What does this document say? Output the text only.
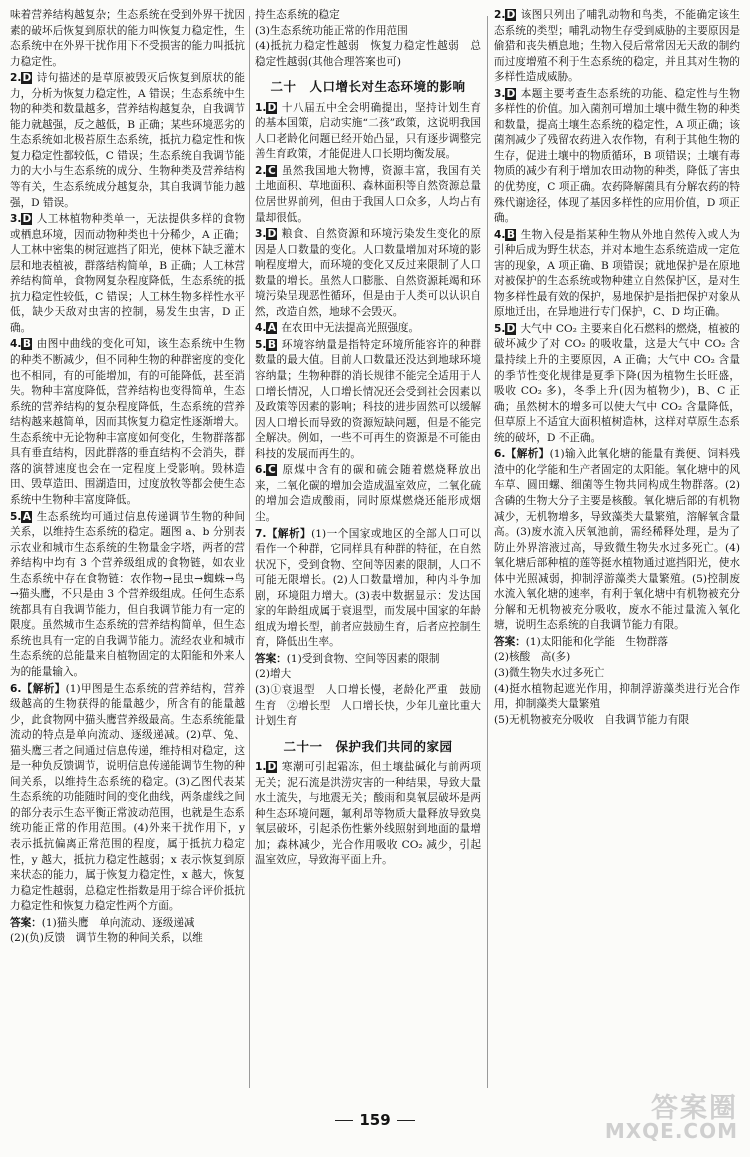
味着营养结构越复杂；生态系统在受到外界干扰因素的破坏后恢复到原状的能力叫恢复力稳定性，生态系统中在外界干扰作用下不受损害的能力叫抵抗力稳定性。

2.D 诗句描述的是草原被毁灭后恢复到原状的能力，分析为恢复力稳定性，A 错误；生态系统中生物的种类和数量越多，营养结构越复杂，自我调节能力就越强，反之越低，B 正确；某些环境恶劣的生态系统如北极苔原生态系统，抵抗力稳定性和恢复力稳定性都较低，C 错误；生态系统自我调节能力的大小与生态系统的成分、生物种类及营养结构等有关，生态系统成分越复杂，其自我调节能力越强，D 错误。

3.D 人工林植物种类单一，无法提供多样的食物或栖息环境，因而动物种类也十分稀少，A 正确；人工林中密集的树冠遮挡了阳光，使林下缺乏灌木层和地表植被，群落结构简单，B 正确；人工林营养结构简单，食物网复杂程度降低，生态系统的抵抗力稳定性较低，C 错误；人工林生物多样性水平低，缺少天敌对虫害的控制，易发生虫害，D 正确。

4.B 由图中曲线的变化可知，该生态系统中生物的种类不断减少，但不同种生物的种群密度的变化也不相同，有的可能增加，有的可能降低，甚至消失。物种丰富度降低，营养结构也变得简单，生态系统的营养结构的复杂程度降低，生态系统的营养结构越来越简单，因而其恢复力稳定性逐渐增大。生态系统中无论物种丰富度如何变化，生物群落都具有垂直结构，因此群落的垂直结构不会消失，群落的演替速度也会在一定程度上受影响。毁林造田、毁草造田、围湖造田，过度放牧等都会使生态系统中生物种丰富度降低。

5.A 生态系统均可通过信息传递调节生物的种间关系，以维持生态系统的稳定。题图 a、b 分别表示农业和城市生态系统的生物量金字塔，两者的营养结构中均有 3 个营养级组成的食物链，如农业生态系统中存在食物链：农作物→昆虫→蜘蛛→鸟→猫头鹰，不只是由 3 个营养级组成。任何生态系统都具有自我调节能力，但自我调节能力有一定的限度。虽然城市生态系统的营养结构简单，但生态系统也具有一定的自我调节能力。流经农业和城市生态系统的总能量来自植物固定的太阳能和外来人为的能量输入。

6.【解析】(1)甲图是生态系统的营养结构，营养级越高的生物获得的能量越少，所含有的能量越少，此食物网中猫头鹰营养级最高。生态系统能量流动的特点是单向流动、逐级递减。(2)草、兔、猫头鹰三者之间通过信息传递，维持相对稳定，这是一种负反馈调节，说明信息传递能调节生物的种间关系，以维持生态系统的稳定。(3)乙图代表某生态系统的功能随时间的变化曲线，两条虚线之间的部分表示生态平衡正常波动范围，也就是生态系统功能正常的作用范围。(4)外来干扰作用下，y 表示抵抗偏离正常范围的程度，属于抵抗力稳定性，y 越大，抵抗力稳定性越弱；x 表示恢复到原来状态的能力，属于恢复力稳定性，x 越大，恢复力稳定性越弱，总稳定性指数是用于综合评价抵抗力稳定性和恢复力稳定性两个方面。

答案：(1)猫头鹰　单向流动、逐级递减

(2)(负)反馈　调节生物的种间关系，以维

持生态系统的稳定

(3)生态系统功能正常的作用范围

(4)抵抗力稳定性越弱　恢复力稳定性越弱　总稳定性越弱(其他合理答案也可)

二十　人口增长对生态环境的影响

1.D 十八届五中全会明确提出，坚持计划生育的基本国策，启动实施“二孩”政策，这说明我国人口老龄化问题已经开始凸显，只有逐步调整完善生育政策，才能促进人口长期均衡发展。

2. C 虽然我国地大物博，资源丰富，我国有关土地面积、草地面积、森林面积等自然资源总量位居世界前列，但由于我国人口众多，人均占有量却很低。

3.D 粮食、自然资源和环境污染发生变化的原因是人口数量的变化。人口数量增加对环境的影响程度增大，而环境的变化又反过来限制了人口数量的增长。虽然人口膨胀、自然资源耗竭和环境污染呈现恶性循环，但是由于人类可以认识自然，改造自然，地球不会毁灭。

4.A 在农田中无法提高光照强度。

5.B 环境容纳量是指特定环境所能容许的种群数量的最大值。目前人口数量还没达到地球环境容纳量；生物种群的消长规律不能完全适用于人口增长情况，人口增长情况还会受到社会因素以及政策等因素的影响；科技的进步固然可以缓解因人口增长而导致的资源短缺问题，但是不能完全解决。例如，一些不可再生的资源是不可能由科技的发展而再生的。

6. C 原煤中含有的碳和硫会随着燃烧释放出来，二氧化碳的增加会造成温室效应，二氧化硫的增加会造成酸雨，同时原煤燃烧还能形成烟尘。

7.【解析】(1)一个国家或地区的全部人口可以看作一个种群，它同样具有种群的特征，在自然状况下，受到食物、空间等因素的限制，人口不可能无限增长。(2)人口数量增加，种内斗争加剧，环境阻力增大。(3)表中数据显示：发达国家的年龄组成属于衰退型，而发展中国家的年龄组成为增长型，前者应鼓励生育，后者应控制生育，降低出生率。

答案：(1)受到食物、空间等因素的限制

(2)增大

(3)①衰退型　人口增长慢，老龄化严重　鼓励生育　②增长型　人口增长快，少年儿童比重大　计划生育

二十一　保护我们共同的家园

1.D 寒潮可引起霜冻，但土壤盐碱化与前两项无关；泥石流是洪涝灾害的一种结果，导致大量水土流失，与地震无关；酸雨和臭氧层破坏是两种生态环境问题，氟利昂等物质大量释放导致臭氧层破坏，引起杀伤性紫外线照射到地面的量增加；森林减少，光合作用吸收 CO₂ 减少，引起温室效应，导致海平面上升。

2.D 该图只列出了哺乳动物和鸟类，不能确定该生态系统的类型；哺乳动物生存受到威胁的主要原因是偷猎和丧失栖息地；生物入侵后常常因无天敌的制约而过度增殖不利于生态系统的稳定，并且其对生物的多样性造成威胁。

3.D 本题主要考查生态系统的功能、稳定性与生物多样性的价值。加入菌剂可增加土壤中微生物的种类和数量，提高土壤生态系统的稳定性，A 项正确；该菌剂减少了残留农药进入农作物，有利于其他生物的生存，促进土壤中的物质循环，B 项错误；土壤有毒物质的减少有利于增加农田动物的种类，降低了害虫的优势度，C 项正确。农药降解菌具有分解农药的特殊代谢途径，体现了基因多样性的应用价值，D 项正确。

4.B 生物入侵是指某种生物从外地自然传入或人为引种后成为野生状态，并对本地生态系统造成一定危害的现象，A 项正确、B 项错误；就地保护是在原地对被保护的生态系统或物种建立自然保护区，是对生物多样性最有效的保护，易地保护是指把保护对象从原地迁出，在异地进行专门保护，C、D 均正确。

5.D 大气中 CO₂ 主要来自化石燃料的燃烧，植被的破坏减少了对 CO₂ 的吸收量，这是大气中 CO₂ 含量持续上升的主要原因，A 正确；大气中 CO₂ 含量的季节性变化规律是夏季下降(因为植物生长旺盛，吸收 CO₂ 多)，冬季上升(因为植物少)，B、C 正确；虽然树木的增多可以使大气中 CO₂ 含量降低，但草原上不适宜大面积植树造林，这样对草原生态系统的破坏，D 不正确。

6.【解析】(1)输入此氧化塘的能量有粪便、饲料残渣中的化学能和生产者固定的太阳能。氧化塘中的风车草、圆田螺、细菌等生物共同构成生物群落。(2)含磷的生物大分子主要是核酸。氧化塘后部的有机物减少，无机物增多，导致藻类大量繁殖，溶解氧含量高。(3)废水流入厌氧池前，需经稀释处理，是为了防止外界溶液过高，导致微生物失水过多死亡。(4)氧化塘后部种植的莲等挺水植物通过遮挡阳光，使水体中光照减弱，抑制浮游藻类大量繁殖。(5)控制废水流入氧化塘的速率，有利于氧化塘中有机物被充分分解和无机物被充分吸收，废水不能过量流入氧化塘，说明生态系统的自我调节能力有限。

答案：(1)太阳能和化学能　生物群落

(2)核酸　高(多)

(3)微生物失水过多死亡

(4)挺水植物起遮光作用，抑制浮游藻类进行光合作用，抑制藻类大量繁殖

(5)无机物被充分吸收　自我调节能力有限

159	答案圈
MXQE.COM
